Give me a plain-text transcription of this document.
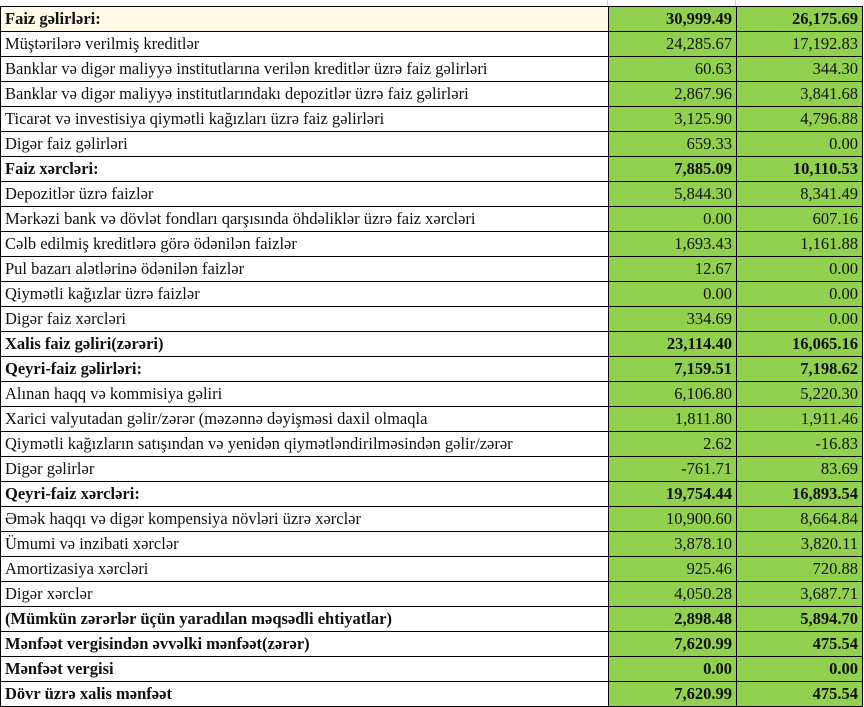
Faiz gəlirləri:	30,999.49	26,175.69
Müştərilərə verilmiş kreditlər	24,285.67	17,192.83
Banklar və digər maliyyə institutlarına verilən kreditlər üzrə faiz gəlirləri	60.63	344.30
Banklar və digər maliyyə institutlarındakı depozitlər üzrə faiz gəlirləri	2,867.96	3,841.68
Ticarət və investisiya qiymətli kağızları üzrə faiz gəlirləri	3,125.90	4,796.88
Digər faiz gəlirləri	659.33	0.00
Faiz xərcləri:	7,885.09	10,110.53
Depozitlər üzrə faizlər	5,844.30	8,341.49
Mərkəzi bank və dövlət fondları qarşısında öhdəliklər üzrə faiz xərcləri	0.00	607.16
Cəlb edilmiş kreditlərə görə ödənilən faizlər	1,693.43	1,161.88
Pul bazarı alətlərinə ödənilən faizlər	12.67	0.00
Qiymətli kağızlar üzrə faizlər	0.00	0.00
Digər faiz xərcləri	334.69	0.00
Xalis faiz gəliri(zərəri)	23,114.40	16,065.16
Qeyri-faiz gəlirləri:	7,159.51	7,198.62
Alınan haqq və kommisiya gəliri	6,106.80	5,220.30
Xarici valyutadan gəlir/zərər (məzənnə dəyişməsi daxil olmaqla	1,811.80	1,911.46
Qiymətli kağızların satışından və yenidən qiymətləndirilməsindən gəlir/zərər	2.62	-16.83
Digər gəlirlər	-761.71	83.69
Qeyri-faiz xərcləri:	19,754.44	16,893.54
Əmək haqqı və digər kompensiya növləri üzrə xərclər	10,900.60	8,664.84
Ümumi və inzibati xərclər	3,878.10	3,820.11
Amortizasiya xərcləri	925.46	720.88
Digər xərclər	4,050.28	3,687.71
(Mümkün zərərlər üçün yaradılan məqsədli ehtiyatlar)	2,898.48	5,894.70
Mənfəət vergisindən əvvəlki mənfəət(zərər)	7,620.99	475.54
Mənfəət vergisi	0.00	0.00
Dövr üzrə xalis mənfəət	7,620.99	475.54
